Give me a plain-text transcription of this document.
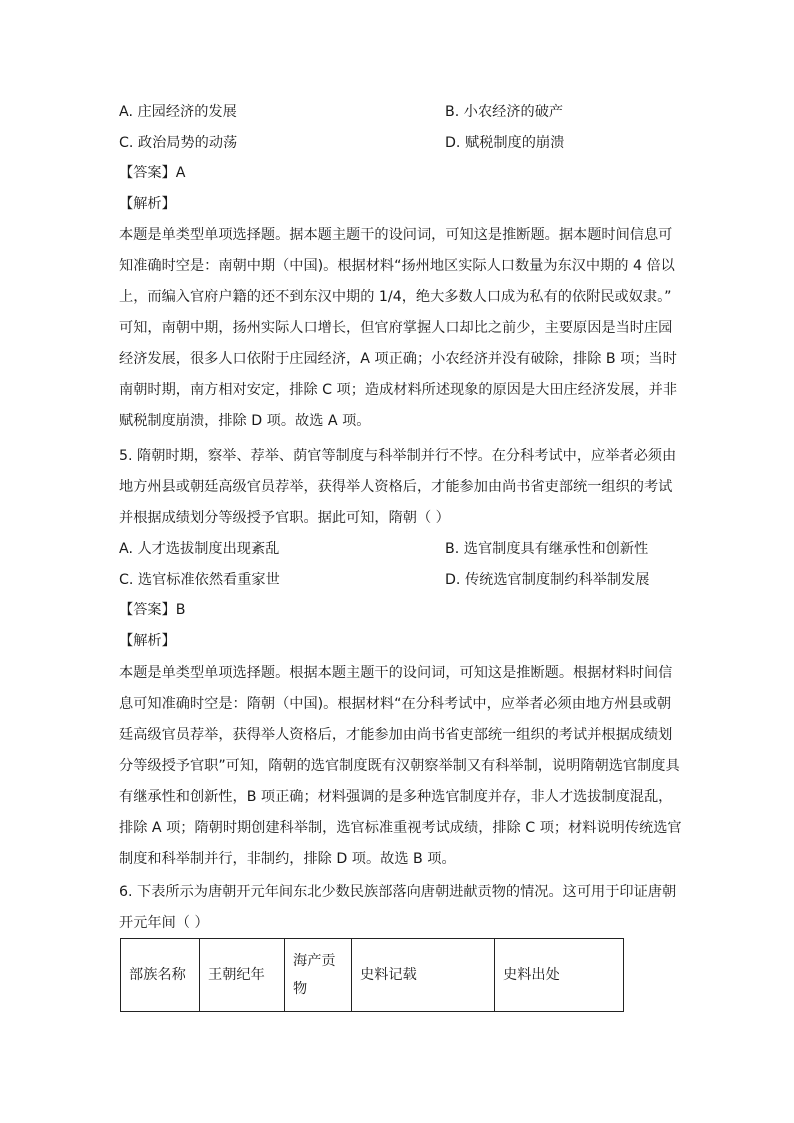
A. 庄园经济的发展	B. 小农经济的破产
C. 政治局势的动荡	D. 赋税制度的崩溃
【答案】A
【解析】
本题是单类型单项选择题。据本题主题干的设问词，可知这是推断题。据本题时间信息可
知准确时空是：南朝中期（中国)。根据材料“扬州地区实际人口数量为东汉中期的 4 倍以
上，而编入官府户籍的还不到东汉中期的 1/4，绝大多数人口成为私有的依附民或奴隶。”
可知，南朝中期，扬州实际人口增长，但官府掌握人口却比之前少，主要原因是当时庄园
经济发展，很多人口依附于庄园经济，A 项正确；小农经济并没有破除，排除 B 项；当时
南朝时期，南方相对安定，排除 C 项；造成材料所述现象的原因是大田庄经济发展，并非
赋税制度崩溃，排除 D 项。故选 A 项。
5. 隋朝时期，察举、荐举、荫官等制度与科举制并行不悖。在分科考试中，应举者必须由
地方州县或朝廷高级官员荐举，获得举人资格后，才能参加由尚书省吏部统一组织的考试
并根据成绩划分等级授予官职。据此可知，隋朝（ ）
A. 人才选拔制度出现紊乱	B. 选官制度具有继承性和创新性
C. 选官标准依然看重家世	D. 传统选官制度制约科举制发展
【答案】B
【解析】
本题是单类型单项选择题。根据本题主题干的设问词，可知这是推断题。根据材料时间信
息可知准确时空是：隋朝（中国)。根据材料“在分科考试中，应举者必须由地方州县或朝
廷高级官员荐举，获得举人资格后，才能参加由尚书省吏部统一组织的考试并根据成绩划
分等级授予官职”可知，隋朝的选官制度既有汉朝察举制又有科举制，说明隋朝选官制度具
有继承性和创新性，B 项正确；材料强调的是多种选官制度并存，非人才选拔制度混乱，
排除 A 项；隋朝时期创建科举制，选官标准重视考试成绩，排除 C 项；材料说明传统选官
制度和科举制并行，非制约，排除 D 项。故选 B 项。
6. 下表所示为唐朝开元年间东北少数民族部落向唐朝进献贡物的情况。这可用于印证唐朝
开元年间（ ）
部族名称	王朝纪年	海产贡物	史料记载	史料出处
